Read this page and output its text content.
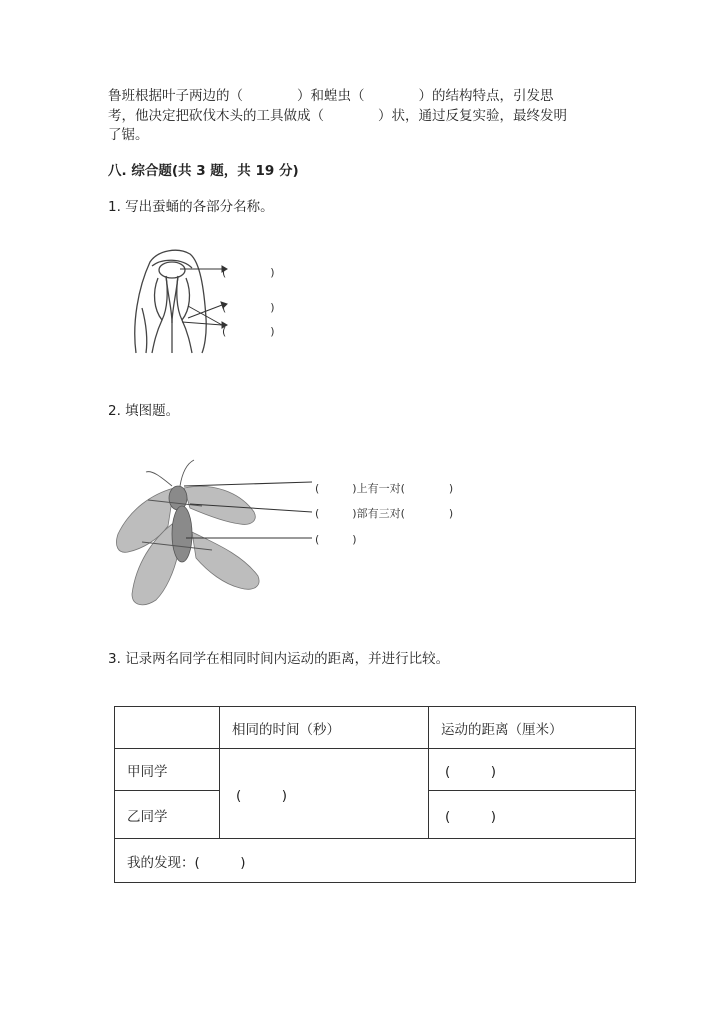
鲁班根据叶子两边的（　　　　）和蝗虫（　　　　）的结构特点，引发思
考，他决定把砍伐木头的工具做成（　　　　）状，通过反复实验，最终发明
了锯。
八. 综合题(共 3 题，共 19 分)
1. 写出蚕蛹的各部分名称。
(　　　　)
(　　　　)
(　　　　)
2. 填图题。
(　　　)上有一对(　　　　)
(　　　)部有三对(　　　　)
(　　　)
3. 记录两名同学在相同时间内运动的距离，并进行比较。
	相同的时间（秒）	运动的距离（厘米）
甲同学	(　　　)	(　　　)
乙同学		(　　　)
我的发现：(　　　)		
